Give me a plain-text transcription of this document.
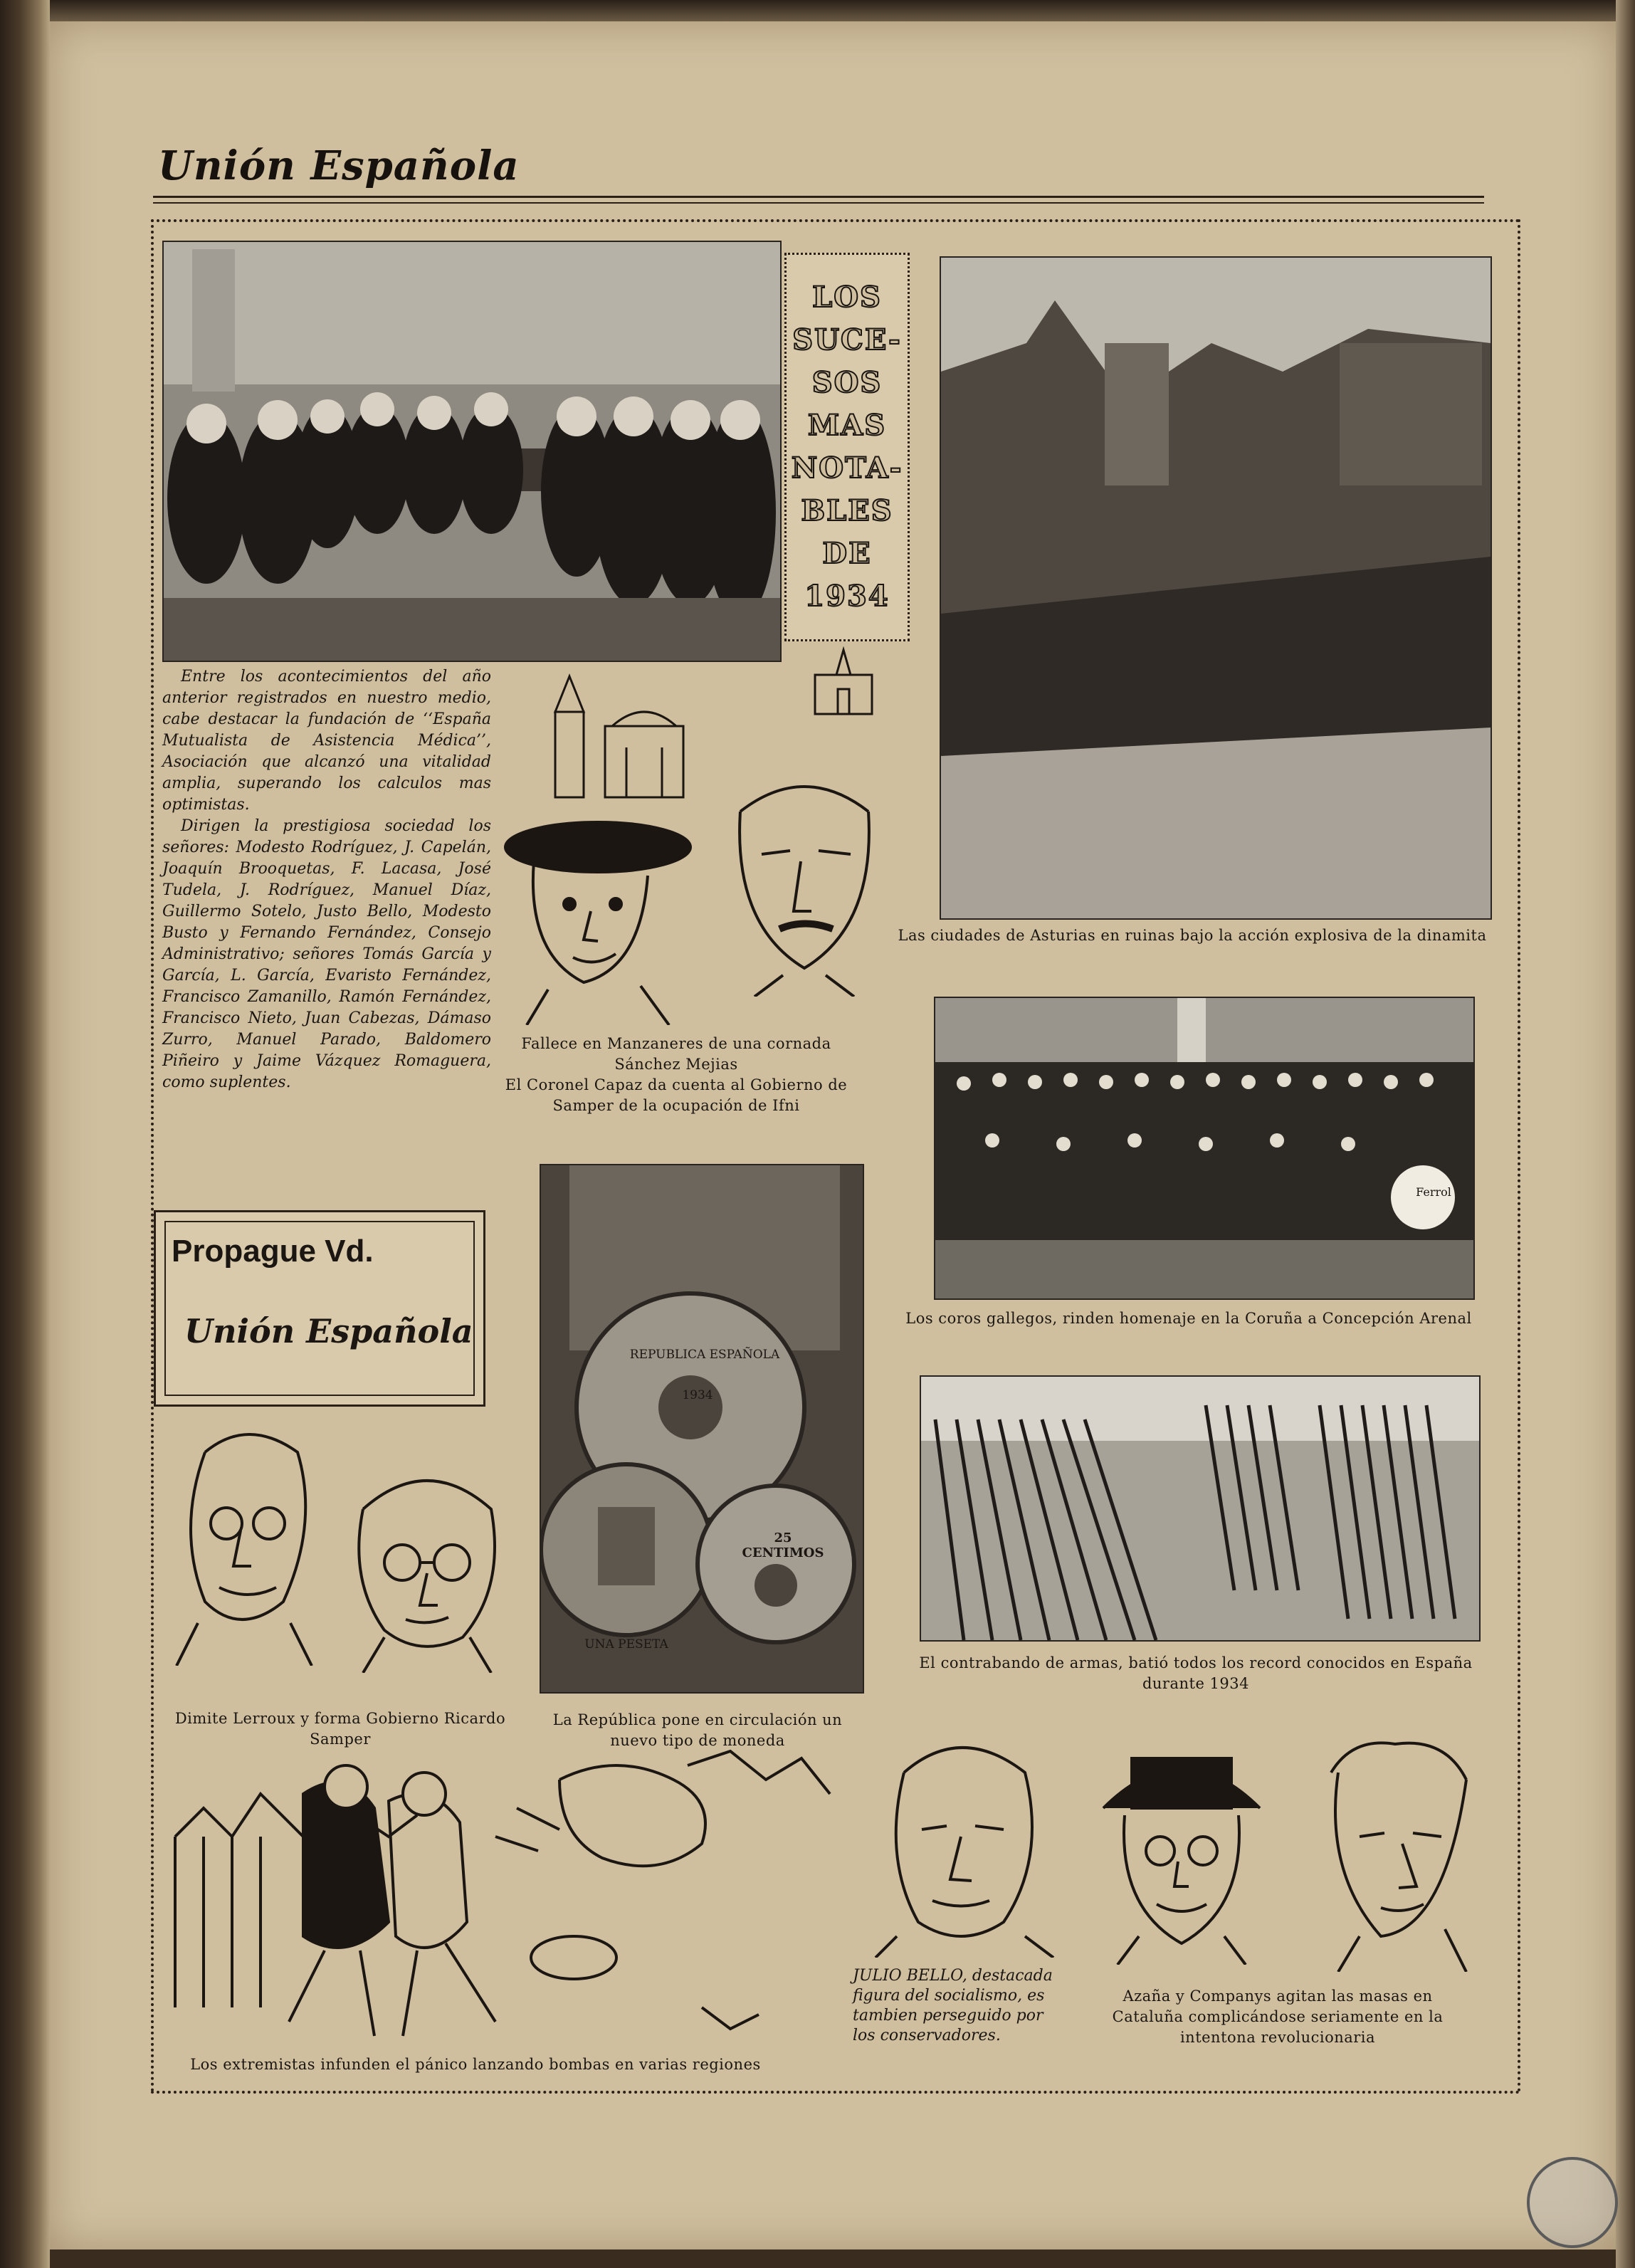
Unión Española
LOS
SUCE-
SOS
MAS
NOTA-
BLES
DE
1934
Las ciudades de Asturias en ruinas bajo la acción explosiva de la dinamita

Entre los acontecimientos del año anterior registrados en nuestro medio, cabe destacar la fundación de ‘‘España Mutualista de Asistencia Médica’’, Asociación que alcanzó una vitalidad amplia, superando los calculos mas optimistas.

Dirigen la prestigiosa sociedad los señores: Modesto Rodríguez, J. Capelán, Joaquín Brooquetas, F. Lacasa, José Tudela, J. Rodríguez, Manuel Díaz, Guillermo Sotelo, Justo Bello, Modesto Busto y Fernando Fernández, Consejo Administrativo; señores Tomás García y García, L. García, Evaristo Fernández, Francisco Zamanillo, Ramón Fernández, Francisco Nieto, Juan Cabezas, Dámaso Zurro, Manuel Parado, Baldomero Piñeiro y Jaime Vázquez Romaguera, como suplentes.

Fallece en Manzaneres de una cornada Sánchez Mejias
El Coronel Capaz da cuenta al Gobierno de Samper de la ocupación de Ifni
Ferrol
Los coros gallegos, rinden homenaje en la Coruña a Concepción Arenal
Propague Vd.
Unión Española
REPUBLICA ESPAÑOLA
1934
25 CENTIMOS
UNA PESETA
La República pone en circulación un nuevo tipo de moneda
El contrabando de armas, batió todos los record conocidos en España durante 1934
Dimite Lerroux y forma Gobierno Ricardo Samper
Los extremistas infunden el pánico lanzando bombas en varias regiones
JULIO BELLO, destacada figura del socialismo, es tambien perseguido por los conservadores.
Azaña y Companys agitan las masas en Cataluña complicándose seriamente en la intentona revolucionaria
